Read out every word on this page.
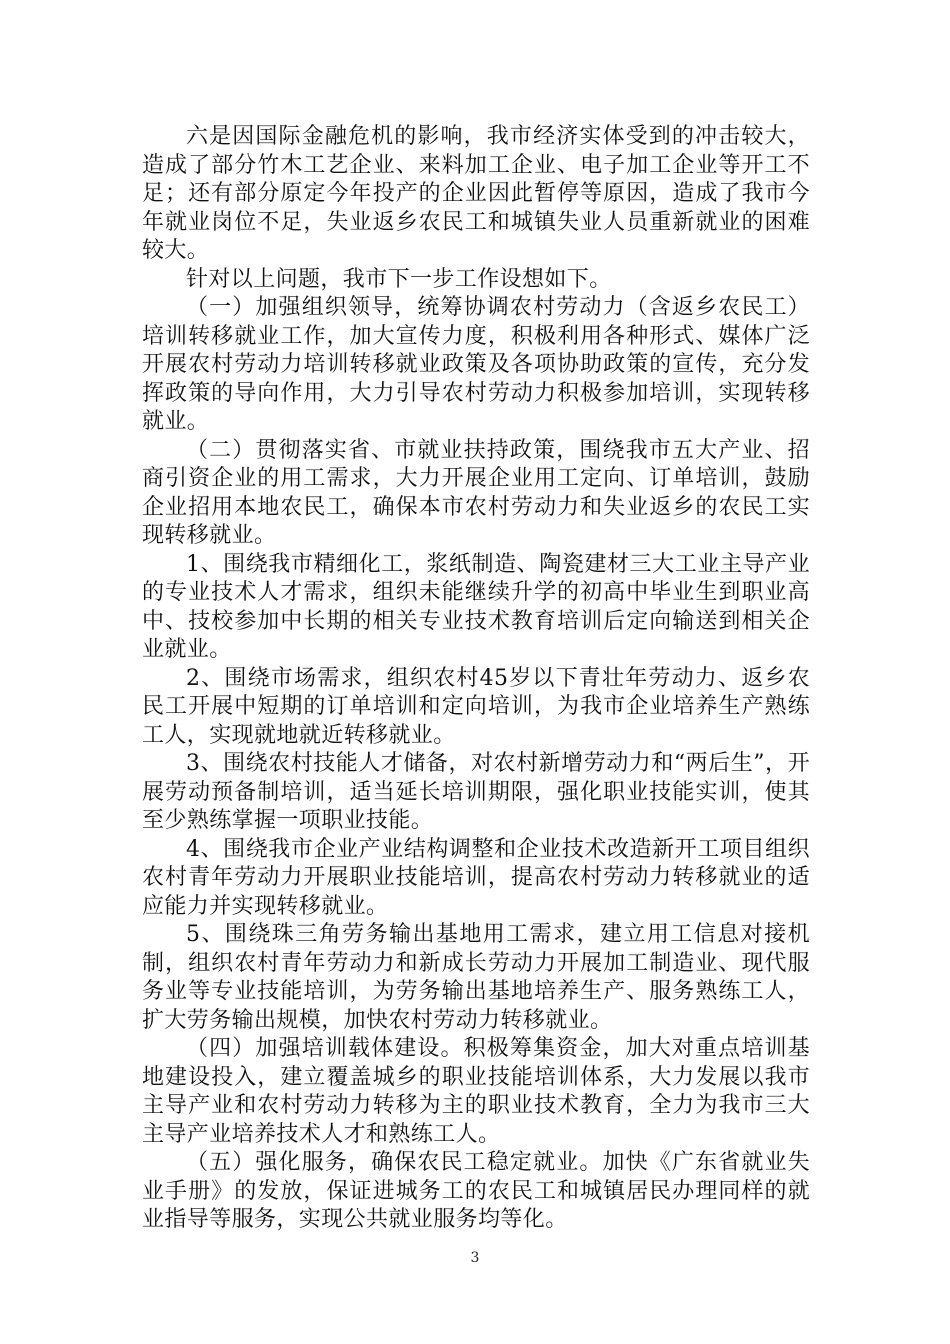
六是因国际金融危机的影响，我市经济实体受到的冲击较大，造成了部分竹木工艺企业、来料加工企业、电子加工企业等开工不足；还有部分原定今年投产的企业因此暂停等原因，造成了我市今年就业岗位不足，失业返乡农民工和城镇失业人员重新就业的困难较大。

针对以上问题，我市下一步工作设想如下。

（一）加强组织领导，统筹协调农村劳动力（含返乡农民工）培训转移就业工作，加大宣传力度，积极利用各种形式、媒体广泛开展农村劳动力培训转移就业政策及各项协助政策的宣传，充分发挥政策的导向作用，大力引导农村劳动力积极参加培训，实现转移就业。

（二）贯彻落实省、市就业扶持政策，围绕我市五大产业、招商引资企业的用工需求，大力开展企业用工定向、订单培训，鼓励企业招用本地农民工，确保本市农村劳动力和失业返乡的农民工实现转移就业。

1、围绕我市精细化工，浆纸制造、陶瓷建材三大工业主导产业的专业技术人才需求，组织未能继续升学的初高中毕业生到职业高中、技校参加中长期的相关专业技术教育培训后定向输送到相关企业就业。

2、围绕市场需求，组织农村45岁以下青壮年劳动力、返乡农民工开展中短期的订单培训和定向培训，为我市企业培养生产熟练工人，实现就地就近转移就业。

3、围绕农村技能人才储备，对农村新增劳动力和“两后生”，开展劳动预备制培训，适当延长培训期限，强化职业技能实训，使其至少熟练掌握一项职业技能。

4、围绕我市企业产业结构调整和企业技术改造新开工项目组织农村青年劳动力开展职业技能培训，提高农村劳动力转移就业的适应能力并实现转移就业。

5、围绕珠三角劳务输出基地用工需求，建立用工信息对接机制，组织农村青年劳动力和新成长劳动力开展加工制造业、现代服务业等专业技能培训，为劳务输出基地培养生产、服务熟练工人，扩大劳务输出规模，加快农村劳动力转移就业。

（四）加强培训载体建设。积极筹集资金，加大对重点培训基地建设投入，建立覆盖城乡的职业技能培训体系，大力发展以我市主导产业和农村劳动力转移为主的职业技术教育，全力为我市三大主导产业培养技术人才和熟练工人。

（五）强化服务，确保农民工稳定就业。加快《广东省就业失业手册》的发放，保证进城务工的农民工和城镇居民办理同样的就业指导等服务，实现公共就业服务均等化。

3
